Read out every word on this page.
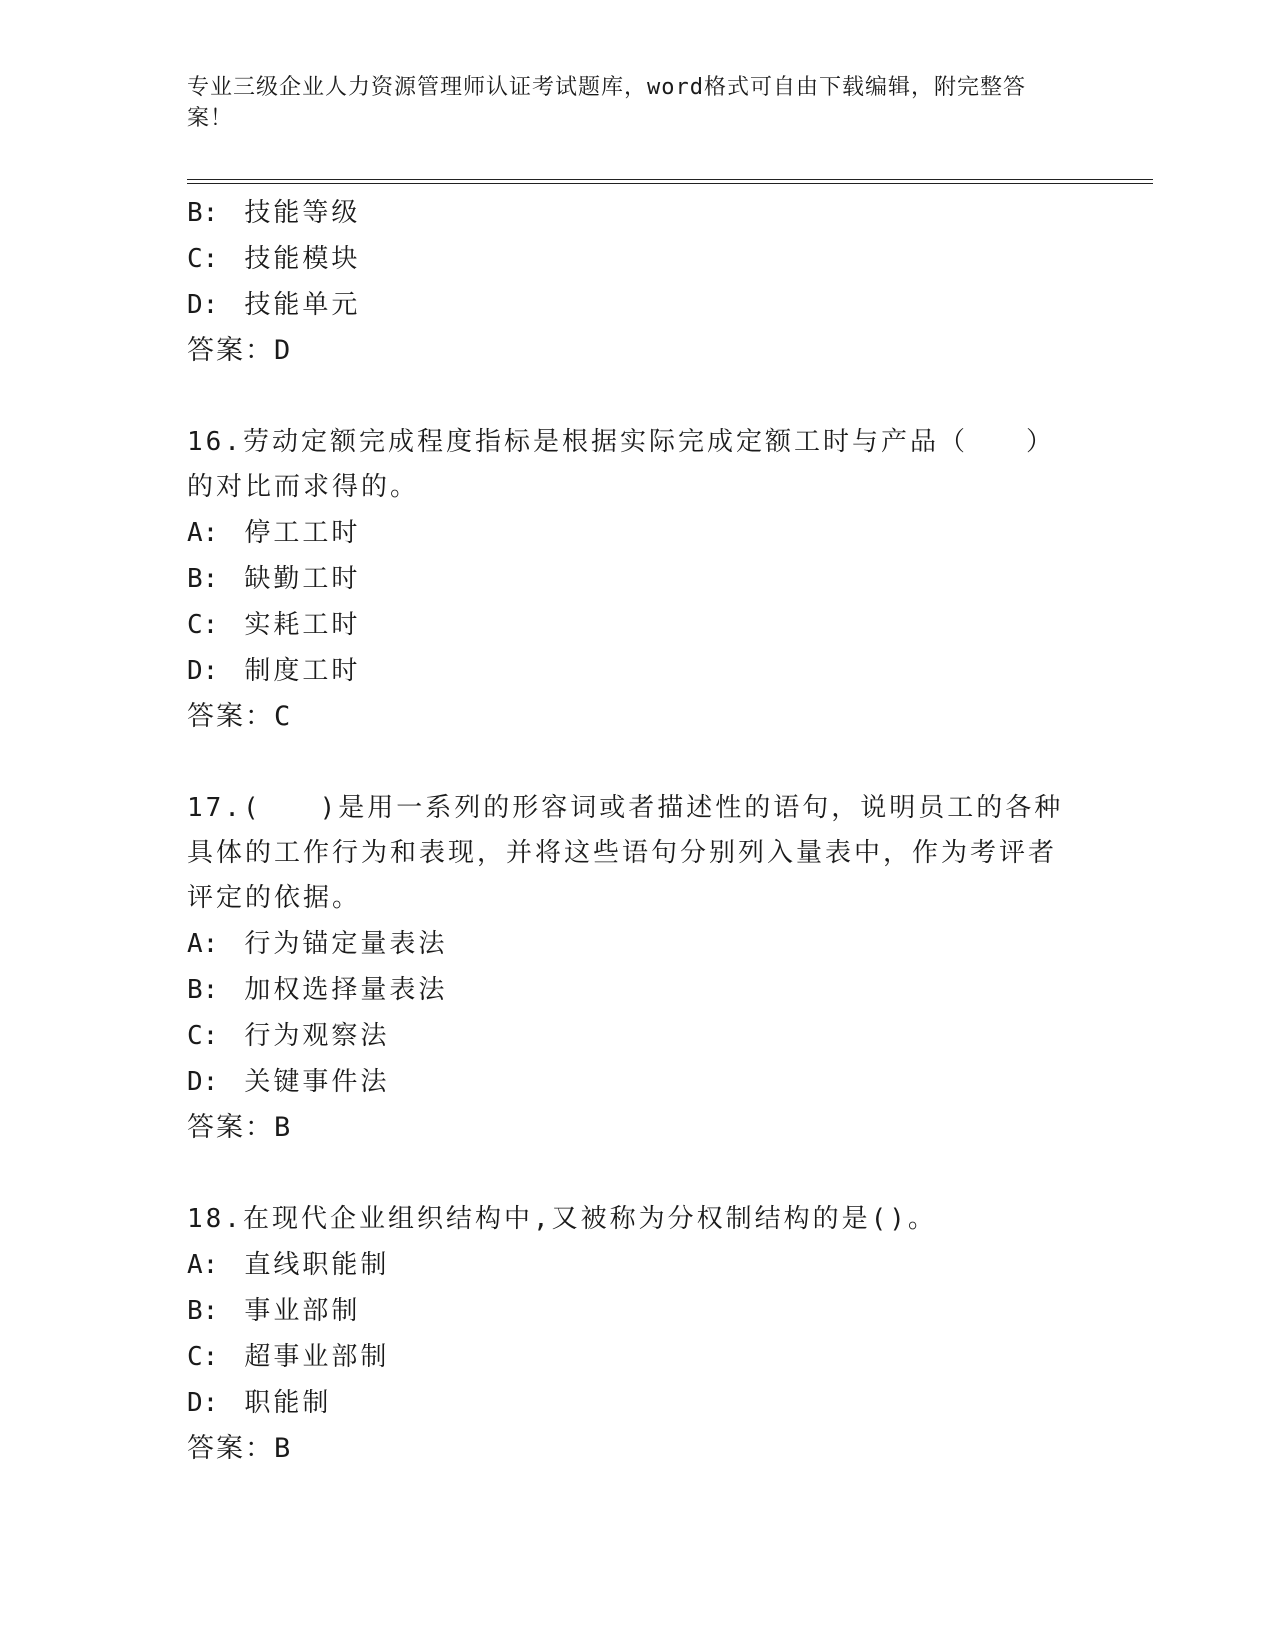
专业三级企业人力资源管理师认证考试题库，word格式可自由下载编辑，附完整答案！
B: 技能等级
C: 技能模块
D: 技能单元
答案：D
16.劳动定额完成程度指标是根据实际完成定额工时与产品（　　）的对比而求得的。
A: 停工工时
B: 缺勤工时
C: 实耗工时
D: 制度工时
答案：C
17.(　　)是用一系列的形容词或者描述性的语句，说明员工的各种具体的工作行为和表现，并将这些语句分别列入量表中，作为考评者评定的依据。
A: 行为锚定量表法
B: 加权选择量表法
C: 行为观察法
D: 关键事件法
答案：B
18.在现代企业组织结构中,又被称为分权制结构的是()。
A: 直线职能制
B: 事业部制
C: 超事业部制
D: 职能制
答案：B
